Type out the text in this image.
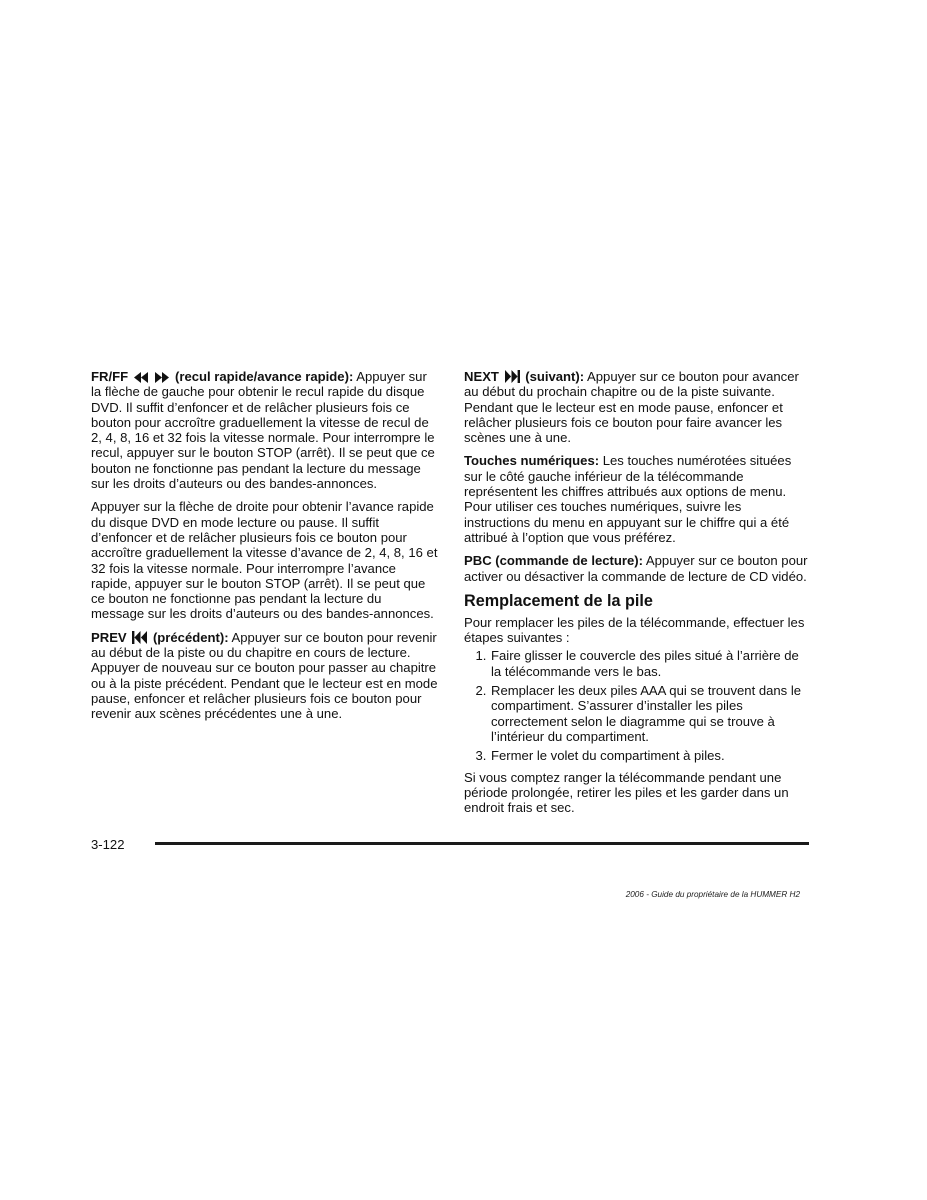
FR/FF
	(recul rapide/avance rapide): Appuyer sur la flèche de gauche pour obtenir le recul rapide du disque DVD. Il suffit d’enfoncer et de relâcher plusieurs fois ce bouton pour accroître graduellement la vitesse de recul de 2, 4, 8, 16 et 32 fois la vitesse normale. Pour interrompre le recul, appuyer sur le bouton STOP (arrêt). Il se peut que ce bouton ne fonctionne pas pendant la lecture du message sur les droits d’auteurs ou des bandes-annonces.

Appuyer sur la flèche de droite pour obtenir l’avance rapide du disque DVD en mode lecture ou pause. Il suffit d’enfoncer et de relâcher plusieurs fois ce bouton pour accroître graduellement la vitesse d’avance de 2, 4, 8, 16 et 32 fois la vitesse normale. Pour interrompre l’avance rapide, appuyer sur le bouton STOP (arrêt). Il se peut que ce bouton ne fonctionne pas pendant la lecture du message sur les droits d’auteurs ou des bandes-annonces.

PREV (précédent): Appuyer sur ce bouton pour revenir au début de la piste ou du chapitre en cours de lecture. Appuyer de nouveau sur ce bouton pour passer au chapitre ou à la piste précédent. Pendant que le lecteur est en mode pause, enfoncer et relâcher plusieurs fois ce bouton pour revenir aux scènes précédentes une à une.

NEXT (suivant): Appuyer sur ce bouton pour avancer au début du prochain chapitre ou de la piste suivante. Pendant que le lecteur est en mode pause, enfoncer et relâcher plusieurs fois ce bouton pour faire avancer les scènes une à une.

Touches numériques: Les touches numérotées situées sur le côté gauche inférieur de la télécommande représentent les chiffres attribués aux options de menu. Pour utiliser ces touches numériques, suivre les instructions du menu en appuyant sur le chiffre qui a été attribué à l’option que vous préférez.

PBC (commande de lecture): Appuyer sur ce bouton pour activer ou désactiver la commande de lecture de CD vidéo.

Remplacement de la pile

Pour remplacer les piles de la télécommande, effectuer les étapes suivantes :

1. Faire glisser le couvercle des piles situé à l’arrière de la télécommande vers le bas.
2. Remplacer les deux piles AAA qui se trouvent dans le compartiment. S’assurer d’installer les piles correctement selon le diagramme qui se trouve à l’intérieur du compartiment.
3. Fermer le volet du compartiment à piles.

Si vous comptez ranger la télécommande pendant une période prolongée, retirer les piles et les garder dans un endroit frais et sec.

3-122
2006 - Guide du propriétaire de la HUMMER H2
